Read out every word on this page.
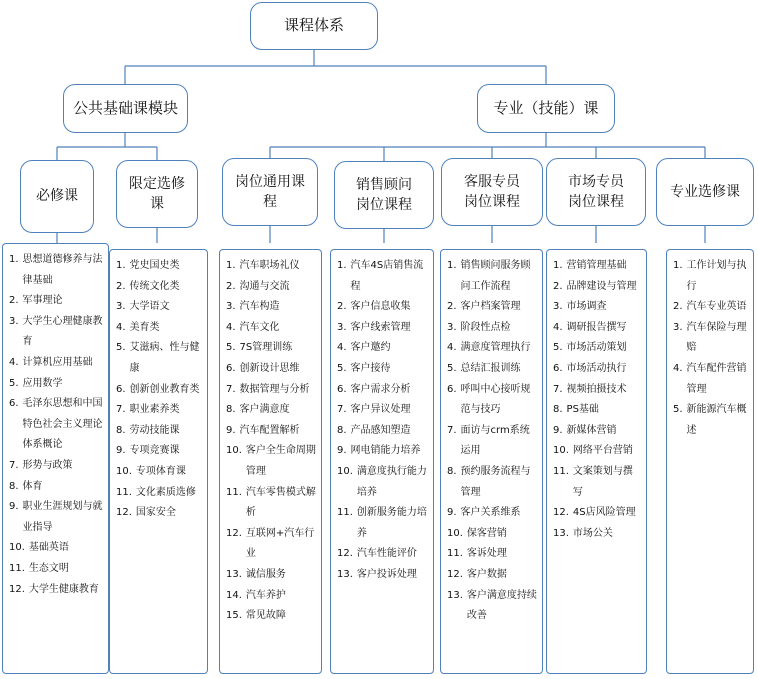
课程体系
公共基础课模块	专业（技能）课
必修课
限定选修课
岗位通用课程
销售顾问岗位课程
客服专员岗位课程
市场专员岗位课程
专业选修课
1. 思想道德修养与法律基础
2. 军事理论
3. 大学生心理健康教育
4. 计算机应用基础
5. 应用数学
6. 毛泽东思想和中国特色社会主义理论体系概论
7. 形势与政策
8. 体育
9. 职业生涯规划与就业指导
10. 基础英语
11. 生态文明
12. 大学生健康教育
1. 党史国史类
2. 传统文化类
3. 大学语文
4. 美育类
5. 艾滋病、性与健康
6. 创新创业教育类
7. 职业素养类
8. 劳动技能课
9. 专项竞赛课
10. 专项体育课
11. 文化素质选修
12. 国家安全
1. 汽车职场礼仪
2. 沟通与交流
3. 汽车构造
4. 汽车文化
5. 7S管理训练
6. 创新设计思维
7. 数据管理与分析
8. 客户满意度
9. 汽车配置解析
10. 客户全生命周期管理
11. 汽车零售模式解析
12. 互联网+汽车行业
13. 诚信服务
14. 汽车养护
15. 常见故障
1. 汽车4S店销售流程
2. 客户信息收集
3. 客户线索管理
4. 客户邀约
5. 客户接待
6. 客户需求分析
7. 客户异议处理
8. 产品感知塑造
9. 网电销能力培养
10. 满意度执行能力培养
11. 创新服务能力培养
12. 汽车性能评价
13. 客户投诉处理
1. 销售顾问服务顾问工作流程
2. 客户档案管理
3. 阶段性点检
4. 满意度管理执行
5. 总结汇报训练
6. 呼叫中心接听规范与技巧
7. 面访与crm系统运用
8. 预约服务流程与管理
9. 客户关系维系
10. 保客营销
11. 客诉处理
12. 客户数据
13. 客户满意度持续改善
1. 营销管理基础
2. 品牌建设与管理
3. 市场调查
4. 调研报告撰写
5. 市场活动策划
6. 市场活动执行
7. 视频拍摄技术
8. PS基础
9. 新媒体营销
10. 网络平台营销
11. 文案策划与撰写
12. 4S店风险管理
13. 市场公关
1. 工作计划与执行
2. 汽车专业英语
3. 汽车保险与理赔
4. 汽车配件营销管理
5. 新能源汽车概述
